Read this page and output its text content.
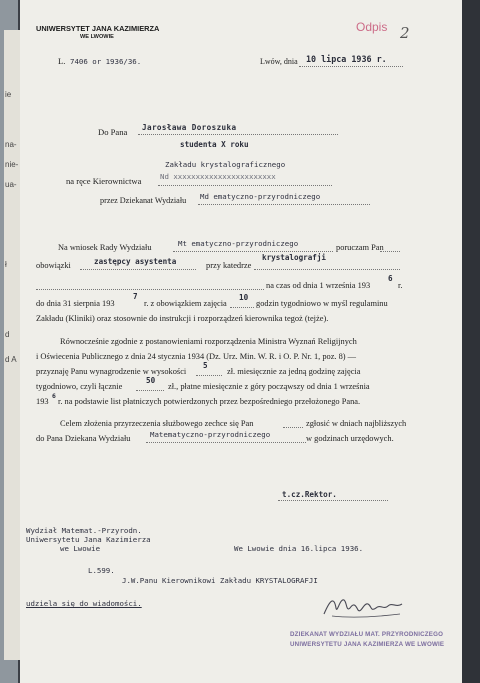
ie
na-
nie-
ua-
ł
d
d A
UNIWERSYTET JANA KAZIMIERZA
WE LWOWIE
Odpis 2
L. 7406 or 1936/36.	Lwów, dnia 10 lipca 1936 r.
Do Pana Jarosława Doroszuka
studenta X roku
Zakładu krystalograficznego
na ręce Kierownictwa	Nd xxxxxxxxxxxxxxxxxxxxxxx
przez Dziekanat Wydziału Md ematyczno-przyrodniczego
Na wniosek Rady Wydziału	Mt ematyczno-przyrodniczego	poruczam Pan
obowiązki	zastępcy asystenta	przy katedrze
krystalografji
na czas od dnia 1 września 193
6
r.
do dnia 31 sierpnia 193
7
r. z obowiązkiem zajęcia
10
godzin tygodniowo w myśl regulaminu
Zakładu (Kliniki) oraz stosownie do instrukcji i rozporządzeń kierownika tegoż (tejże).
Równocześnie zgodnie z postanowieniami rozporządzenia Ministra Wyznań Religijnych
i Oświecenia Publicznego z dnia 24 stycznia 1934 (Dz. Urz. Min. W. R. i O. P. Nr. 1, poz. 8) —
przyznaję Panu wynagrodzenie w wysokości
5
zł. miesięcznie za jedną godzinę zajęcia
tygodniowo, czyli łącznie
50
zł., płatne miesięcznie z góry począwszy od dnia 1 września
193
6
r. na podstawie list płatniczych potwierdzonych przez bezpośredniego przełożonego Pana.
Celem złożenia przyrzeczenia służbowego zechce się Pan	zgłosić w dniach najbliższych
do Pana Dziekana Wydziału	Matematyczno-przyrodniczego	w godzinach urzędowych.
t.cz.Rektor.
Wydział Matemat.-Przyrodn.
Uniwersytetu Jana Kazimierza
we Lwowie	We Lwowie dnia 16.lipca 1936.
L.599.
J.W.Panu Kierownikowi Zakładu KRYSTALOGRAFJI
udziela się do wiadomości.
DZIEKANAT WYDZIAŁU MAT. PRZYRODNICZEGO
UNIWERSYTETU JANA KAZIMIERZA WE LWOWIE
